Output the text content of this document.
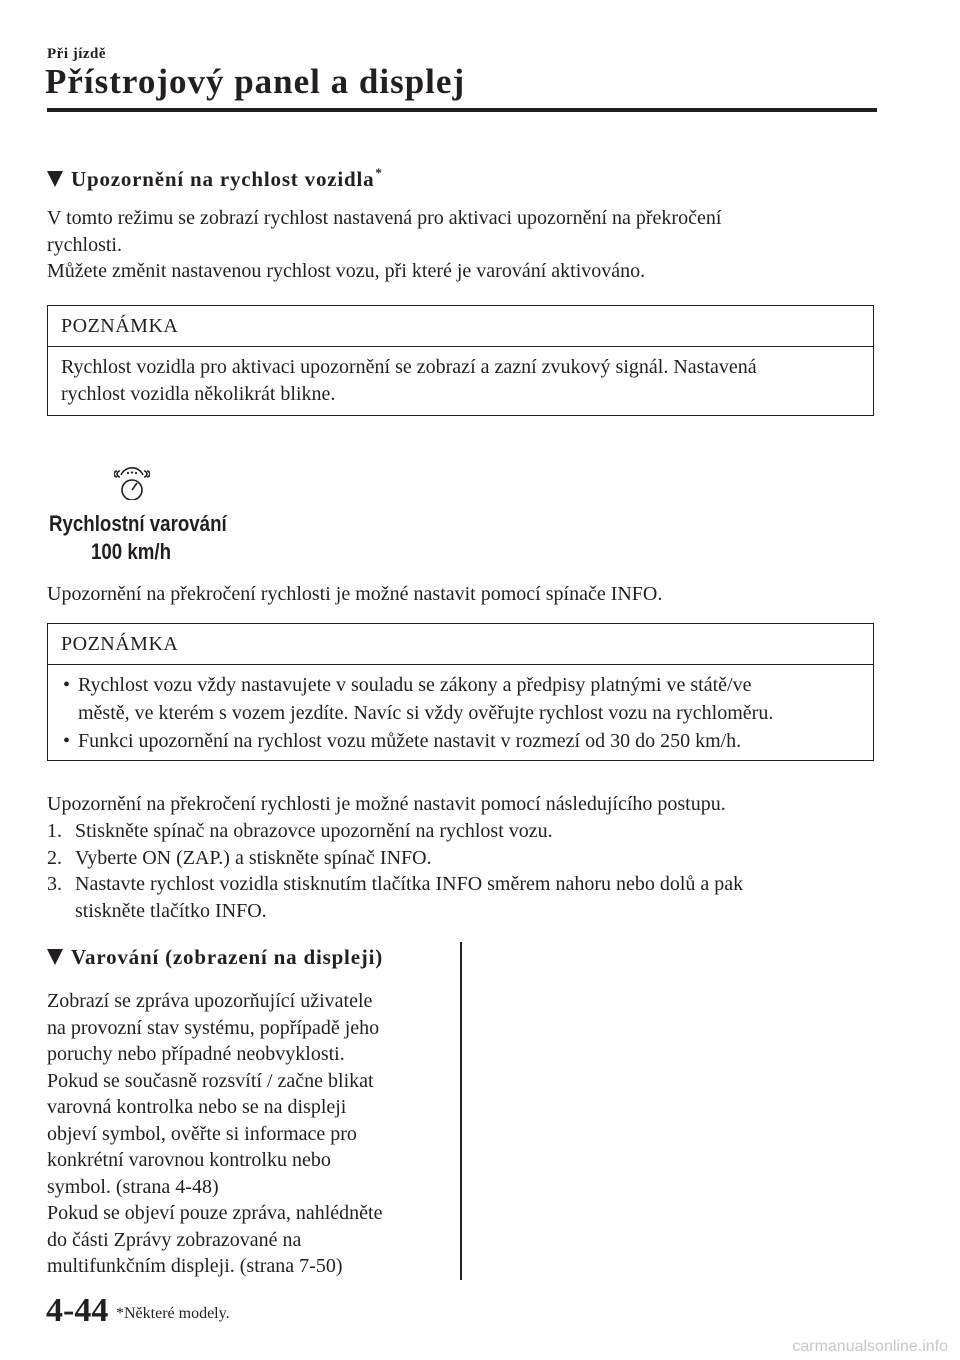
Při jízdě
Přístrojový panel a displej
Upozornění na rychlost vozidla *

V tomto režimu se zobrazí rychlost nastavená pro aktivaci upozornění na překročení

rychlosti.

Můžete změnit nastavenou rychlost vozu, při které je varování aktivováno.

POZNÁMKA

Rychlost vozidla pro aktivaci upozornění se zobrazí a zazní zvukový signál. Nastavená

rychlost vozidla několikrát blikne.

Rychlostní varování
100 km/h

Upozornění na překročení rychlosti je možné nastavit pomocí spínače INFO.

POZNÁMKA
• Rychlost vozu vždy nastavujete v souladu se zákony a předpisy platnými ve státě/ve
městě, ve kterém s vozem jezdíte. Navíc si vždy ověřujte rychlost vozu na rychloměru.
• Funkci upozornění na rychlost vozu můžete nastavit v rozmezí od 30 do 250 km/h.

Upozornění na překročení rychlosti je možné nastavit pomocí následujícího postupu.

1. Stiskněte spínač na obrazovce upozornění na rychlost vozu.
2. Vyberte ON (ZAP.) a stiskněte spínač INFO.
3. Nastavte rychlost vozidla stisknutím tlačítka INFO směrem nahoru nebo dolů a pak
stiskněte tlačítko INFO.
Varování (zobrazení na displeji)

Zobrazí se zpráva upozorňující uživatele

na provozní stav systému, popřípadě jeho

poruchy nebo případné neobvyklosti.

Pokud se současně rozsvítí / začne blikat

varovná kontrolka nebo se na displeji

objeví symbol, ověřte si informace pro

konkrétní varovnou kontrolku nebo

symbol. (strana 4-48)

Pokud se objeví pouze zpráva, nahlédněte

do části Zprávy zobrazované na

multifunkčním displeji. (strana 7-50)

4-44 *Některé modely.
carmanualsonline.info
